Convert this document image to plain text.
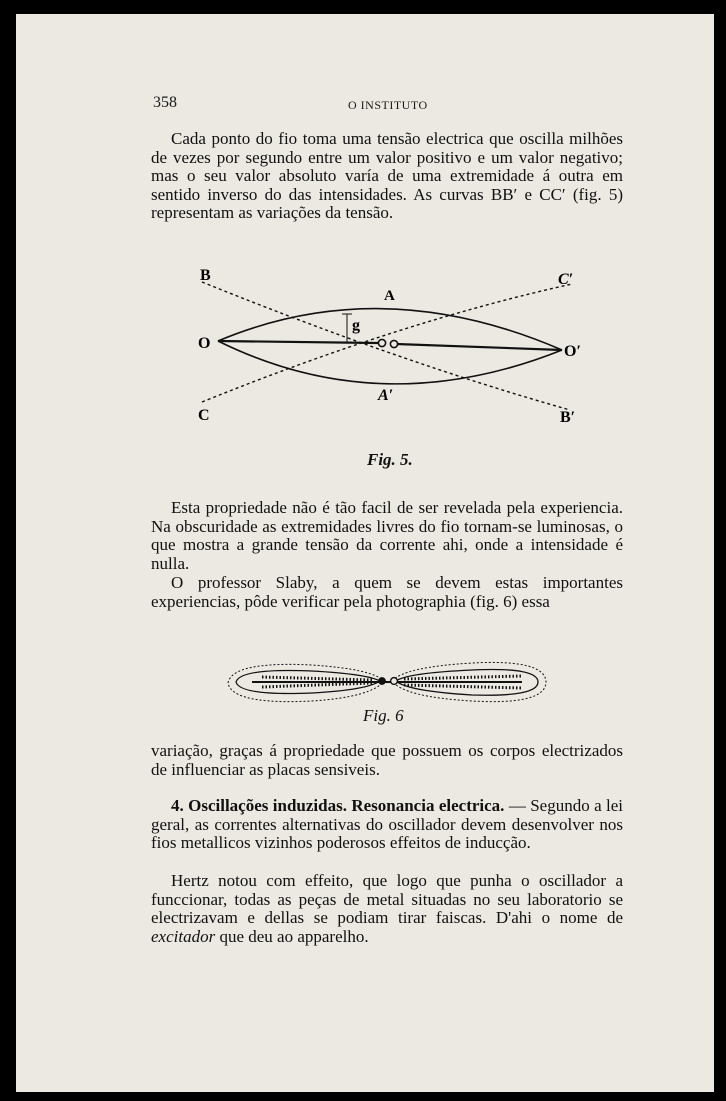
358	O INSTITUTO

Cada ponto do fio toma uma tensão electrica que oscilla milhões de vezes por segundo entre um valor positivo e um valor negativo; mas o seu valor absoluto varía de uma extremidade á outra em sentido inverso do das intensidades. As curvas BB′ e CC′ (fig. 5) representam as variações da tensão.

B	C′
A
g
O	O′
A′
C	B′
Fig. 5.

Esta propriedade não é tão facil de ser revelada pela experiencia. Na obscuridade as extremidades livres do fio tornam-se luminosas, o que mostra a grande tensão da corrente ahi, onde a intensidade é nulla.

O professor Slaby, a quem se devem estas importantes experiencias, pôde verificar pela photographia (fig. 6) essa

Fig. 6

variação, graças á propriedade que possuem os corpos electrizados de influenciar as placas sensiveis.

4. Oscillações induzidas. Resonancia electrica. — Segundo a lei geral, as correntes alternativas do oscillador devem desenvolver nos fios metallicos vizinhos poderosos effeitos de inducção.

Hertz notou com effeito, que logo que punha o oscillador a funccionar, todas as peças de metal situadas no seu laboratorio se electrizavam e dellas se podiam tirar faiscas. D'ahi o nome de excitador que deu ao apparelho.
